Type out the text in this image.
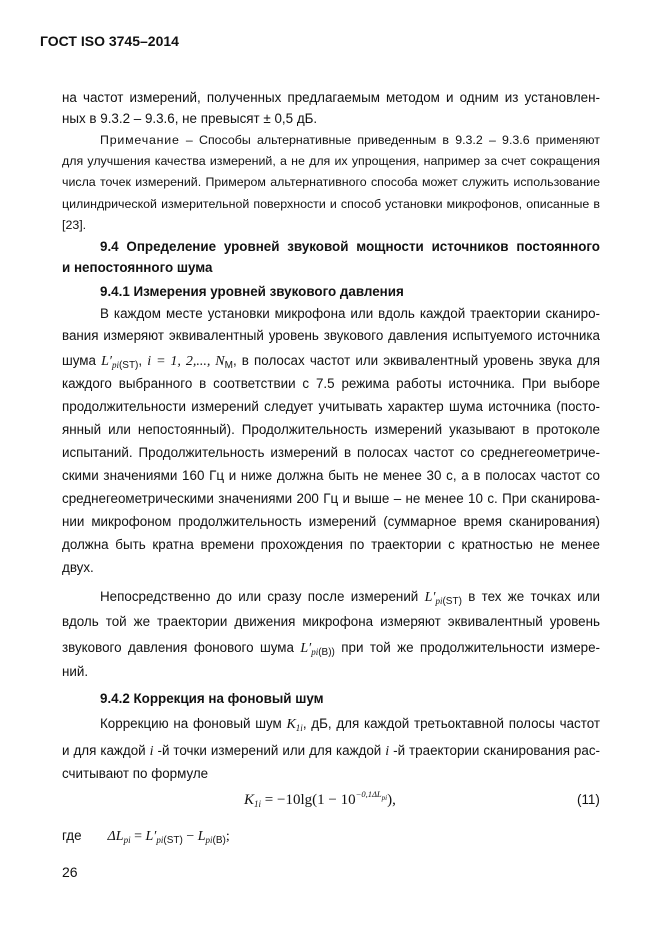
ГОСТ ISO 3745–2014
на частот измерений, полученных предлагаемым методом и одним из установлен-
ных в 9.3.2 – 9.3.6, не превысят ± 0,5 дБ.
Примечание – Способы альтернативные приведенным в 9.3.2 – 9.3.6 применяют
для улучшения качества измерений, а не для их упрощения, например за счет сокращения
числа точек измерений. Примером альтернативного способа может служить использование
цилиндрической измерительной поверхности и способ установки микрофонов, описанные в
[23].
9.4 Определение уровней звуковой мощности источников постоянного
и непостоянного шума
9.4.1 Измерения уровней звукового давления
В каждом месте установки микрофона или вдоль каждой траектории сканиро-
вания измеряют эквивалентный уровень звукового давления испытуемого источника
шума $L'_{pi(ST)}$, i = 1, 2,..., $N_M$, в полосах частот или эквивалентный уровень звука для
каждого выбранного в соответствии с 7.5 режима работы источника. При выборе
продолжительности измерений следует учитывать характер шума источника (посто-
янный или непостоянный). Продолжительность измерений указывают в протоколе
испытаний. Продолжительность измерений в полосах частот со среднегеометриче-
скими значениями 160 Гц и ниже должна быть не менее 30 с, а в полосах частот со
среднегеометрическими значениями 200 Гц и выше – не менее 10 с. При сканирова-
нии микрофоном продолжительность измерений (суммарное время сканирования)
должна быть кратна времени прохождения по траектории с кратностью не менее
двух.
Непосредственно до или сразу после измерений $L'_{pi(ST)}$ в тех же точках или
вдоль той же траектории движения микрофона измеряют эквивалентный уровень
звукового давления фонового шума $L'_{pi(B))}$ при той же продолжительности измере-
ний.
9.4.2 Коррекция на фоновый шум
Коррекцию на фоновый шум $K_{1i}$, дБ, для каждой третьоктавной полосы частот
и для каждой i -й точки измерений или для каждой i -й траектории сканирования рас-
считывают по формуле
$K_{1i} = -10\lg(1 - 10^{-0,1\Delta L_{pi}})$,	(11)
где $\Delta L_{pi} = L'_{pi(ST)} - L_{pi(B)}$;
26
